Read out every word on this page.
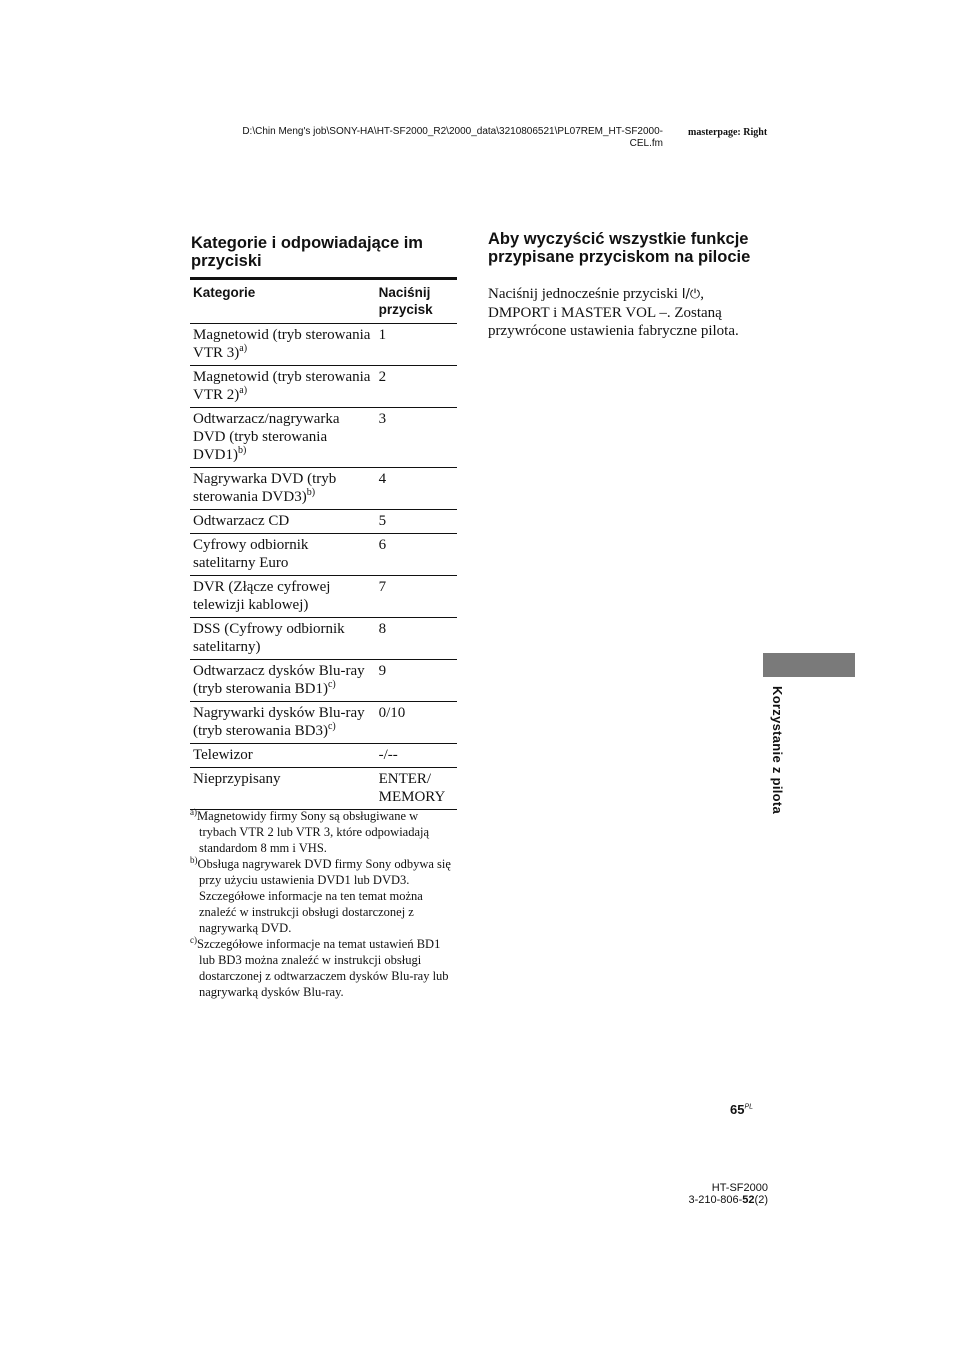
D:\Chin Meng's job\SONY-HA\HT-SF2000_R2\2000_data\3210806521\PL07REM_HT-SF2000-
CEL.fm
masterpage: Right
Kategorie i odpowiadające im przyciski
Kategorie	Naciśnij przycisk
Magnetowid (tryb sterowania VTR 3)$^{a)}$	1
Magnetowid (tryb sterowania VTR 2)$^{a)}$	2
Odtwarzacz/nagrywarka DVD (tryb sterowania DVD1)$^{b)}$	3
Nagrywarka DVD (tryb sterowania DVD3)$^{b)}$	4
Odtwarzacz CD	5
Cyfrowy odbiornik satelitarny Euro	6
DVR (Złącze cyfrowej telewizji kablowej)	7
DSS (Cyfrowy odbiornik satelitarny)	8
Odtwarzacz dysków Blu-ray (tryb sterowania BD1)$^{c)}$	9
Nagrywarki dysków Blu-ray (tryb sterowania BD3)$^{c)}$	0/10
Telewizor	-/--
Nieprzypisany	ENTER/ MEMORY
$^{a)}$Magnetowidy firmy Sony są obsługiwane w trybach VTR 2 lub VTR 3, które odpowiadają standardom 8 mm i VHS.
$^{b)}$Obsługa nagrywarek DVD firmy Sony odbywa się przy użyciu ustawienia DVD1 lub DVD3. Szczegółowe informacje na ten temat można znaleźć w instrukcji obsługi dostarczonej z nagrywarką DVD.
$^{c)}$Szczegółowe informacje na temat ustawień BD1 lub BD3 można znaleźć w instrukcji obsługi dostarczonej z odtwarzaczem dysków Blu-ray lub nagrywarką dysków Blu-ray.
Aby wyczyścić wszystkie funkcje przypisane przyciskom na pilocie
Naciśnij jednocześnie przyciski I/⏻, DMPORT i MASTER VOL –. Zostaną przywrócone ustawienia fabryczne pilota.
Korzystanie z pilota
$65^{PL}$
HT-SF2000
3-210-806-52(2)
